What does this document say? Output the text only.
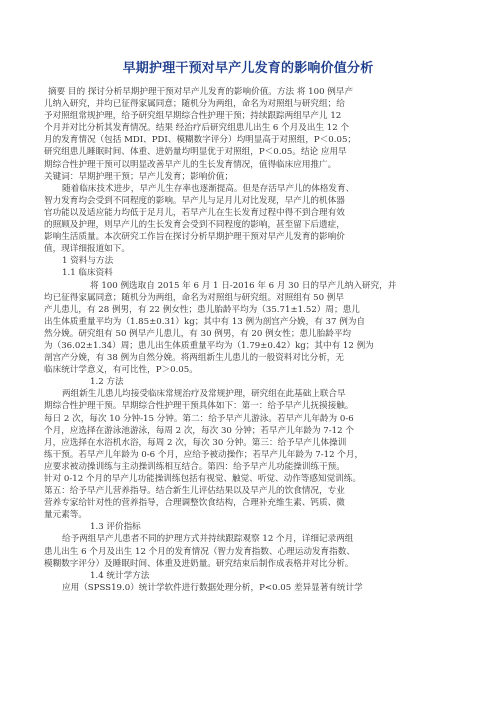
早期护理干预对早产儿发育的影响价值分析

摘要 目的 探讨分析早期护理干预对早产儿发育的影响价值。方法 将 100 例早产

儿纳入研究，并均已征得家属同意；随机分为两组，命名为对照组与研究组；给

予对照组常规护理，给予研究组早期综合性护理干预；持续跟踪两组早产儿 12

个月并对比分析其发育情况。结果 经治疗后研究组患儿出生 6 个月及出生 12 个

月的发育情况（包括 MDI、PDI、模糊数字评分）均明显高于对照组，P＜0.05；

研究组患儿睡眠时间、体重、进奶量均明显优于对照组，P＜0.05。结论 应用早

期综合性护理干预可以明显改善早产儿的生长发育情况，值得临床应用推广。

关键词：早期护理干预；早产儿发育；影响价值；

随着临床技术进步，早产儿生存率也逐渐提高。但是存活早产儿的体格发育、

智力发育均会受到不同程度的影响。早产儿与足月儿对比发现，早产儿的机体器

官功能以及适应能力均低于足月儿，若早产儿在生长发育过程中得不到合理有效

的照顾及护理，则早产儿的生长发育会受到不同程度的影响，甚至留下后遗症，

影响生活质量。本次研究工作旨在探讨分析早期护理干预对早产儿发育的影响价

值，现详细报道如下。

1 资料与方法

1.1 临床资料

将 100 例选取自 2015 年 6 月 1 日-2016 年 6 月 30 日的早产儿纳入研究，并

均已征得家属同意；随机分为两组，命名为对照组与研究组。对照组有 50 例早

产儿患儿，有 28 例男，有 22 例女性；患儿胎龄平均为（35.71±1.52）周；患儿

出生体质重量平均为（1.85±0.31）kg；其中有 13 例为剖宫产分娩，有 37 例为自

然分娩。研究组有 50 例早产儿患儿，有 30 例男，有 20 例女性；患儿胎龄平均

为（36.02±1.34）周；患儿出生体质重量平均为（1.79±0.42）kg；其中有 12 例为

剖宫产分娩，有 38 例为自然分娩。将两组新生儿患儿的一般资料对比分析，无

临床统计学意义，有可比性，P＞0.05。

1.2 方法

两组新生儿患儿均接受临床常规治疗及常规护理，研究组在此基础上联合早

期综合性护理干预。早期综合性护理干预具体如下：第一：给予早产儿抚摸接触。

每日 2 次，每次 10 分钟-15 分钟。第二：给予早产儿游泳。若早产儿年龄为 0-6

个月，应选择在游泳池游泳，每周 2 次，每次 30 分钟；若早产儿年龄为 7-12 个

月，应选择在水浴机水浴，每周 2 次，每次 30 分钟。第三：给予早产儿体操训

练干预。若早产儿年龄为 0-6 个月，应给予被动操作；若早产儿年龄为 7-12 个月，

应要求被动操训练与主动操训练相互结合。第四：给予早产儿功能操训练干预。

针对 0-12 个月的早产儿功能操训练包括有视觉、触觉、听觉、动作等感知觉训练。

第五：给予早产儿营养指导。结合新生儿评估结果以及早产儿的饮食情况，专业

营养专家给针对性的营养指导，合理调整饮食结构，合理补充维生素、钙质、微

量元素等。

1.3 评价指标

给予两组早产儿患者不同的护理方式并持续跟踪观察 12 个月，详细记录两组

患儿出生 6 个月及出生 12 个月的发育情况（智力发育指数、心理运动发育指数、

模糊数字评分）及睡眠时间、体重及进奶量。研究结束后制作成表格并对比分析。

1.4 统计学方法

应用（SPSS19.0）统计学软件进行数据处理分析，P<0.05 差异显著有统计学
